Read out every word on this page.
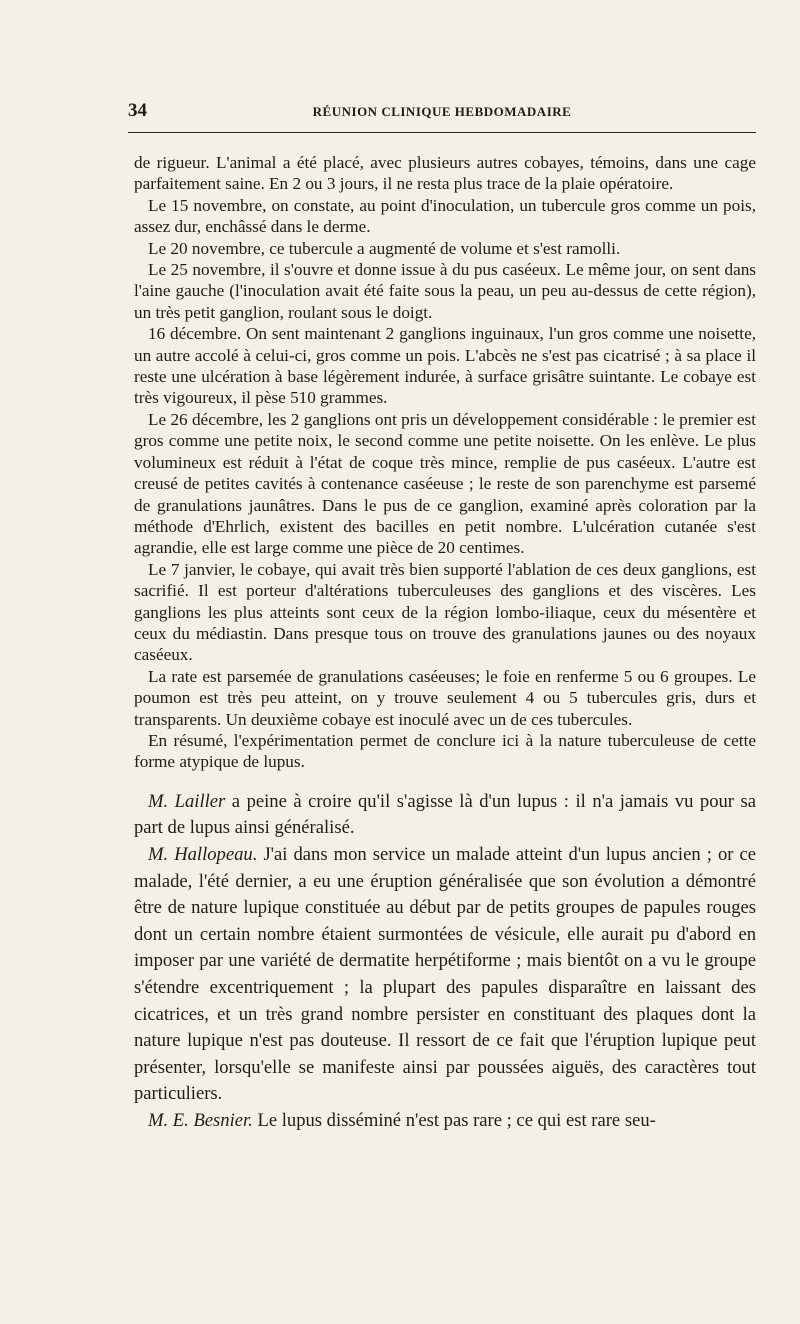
34	RÉUNION CLINIQUE HEBDOMADAIRE

de rigueur. L'animal a été placé, avec plusieurs autres cobayes, témoins, dans une cage parfaitement saine. En 2 ou 3 jours, il ne resta plus trace de la plaie opératoire.

Le 15 novembre, on constate, au point d'inoculation, un tubercule gros comme un pois, assez dur, enchâssé dans le derme.

Le 20 novembre, ce tubercule a augmenté de volume et s'est ramolli.

Le 25 novembre, il s'ouvre et donne issue à du pus caséeux. Le même jour, on sent dans l'aine gauche (l'inoculation avait été faite sous la peau, un peu au-dessus de cette région), un très petit ganglion, roulant sous le doigt.

16 décembre. On sent maintenant 2 ganglions inguinaux, l'un gros comme une noisette, un autre accolé à celui-ci, gros comme un pois. L'abcès ne s'est pas cicatrisé ; à sa place il reste une ulcération à base légèrement indurée, à surface grisâtre suintante. Le cobaye est très vigoureux, il pèse 510 grammes.

Le 26 décembre, les 2 ganglions ont pris un développement considérable : le premier est gros comme une petite noix, le second comme une petite noisette. On les enlève. Le plus volumineux est réduit à l'état de coque très mince, remplie de pus caséeux. L'autre est creusé de petites cavités à contenance caséeuse ; le reste de son parenchyme est parsemé de granulations jaunâtres. Dans le pus de ce ganglion, examiné après coloration par la méthode d'Ehrlich, existent des bacilles en petit nombre. L'ulcération cutanée s'est agrandie, elle est large comme une pièce de 20 centimes.

Le 7 janvier, le cobaye, qui avait très bien supporté l'ablation de ces deux ganglions, est sacrifié. Il est porteur d'altérations tuberculeuses des ganglions et des viscères. Les ganglions les plus atteints sont ceux de la région lombo-iliaque, ceux du mésentère et ceux du médiastin. Dans presque tous on trouve des granulations jaunes ou des noyaux caséeux.

La rate est parsemée de granulations caséeuses; le foie en renferme 5 ou 6 groupes. Le poumon est très peu atteint, on y trouve seulement 4 ou 5 tubercules gris, durs et transparents. Un deuxième cobaye est inoculé avec un de ces tubercules.

En résumé, l'expérimentation permet de conclure ici à la nature tuberculeuse de cette forme atypique de lupus.

M. Lailler a peine à croire qu'il s'agisse là d'un lupus : il n'a jamais vu pour sa part de lupus ainsi généralisé.

M. Hallopeau. J'ai dans mon service un malade atteint d'un lupus ancien ; or ce malade, l'été dernier, a eu une éruption généralisée que son évolution a démontré être de nature lupique constituée au début par de petits groupes de papules rouges dont un certain nombre étaient surmontées de vésicule, elle aurait pu d'abord en imposer par une variété de dermatite herpétiforme ; mais bientôt on a vu le groupe s'étendre excentriquement ; la plupart des papules disparaître en laissant des cicatrices, et un très grand nombre persister en constituant des plaques dont la nature lupique n'est pas douteuse. Il ressort de ce fait que l'éruption lupique peut présenter, lorsqu'elle se manifeste ainsi par poussées aiguës, des caractères tout particuliers.

M. E. Besnier. Le lupus disséminé n'est pas rare ; ce qui est rare seu-
